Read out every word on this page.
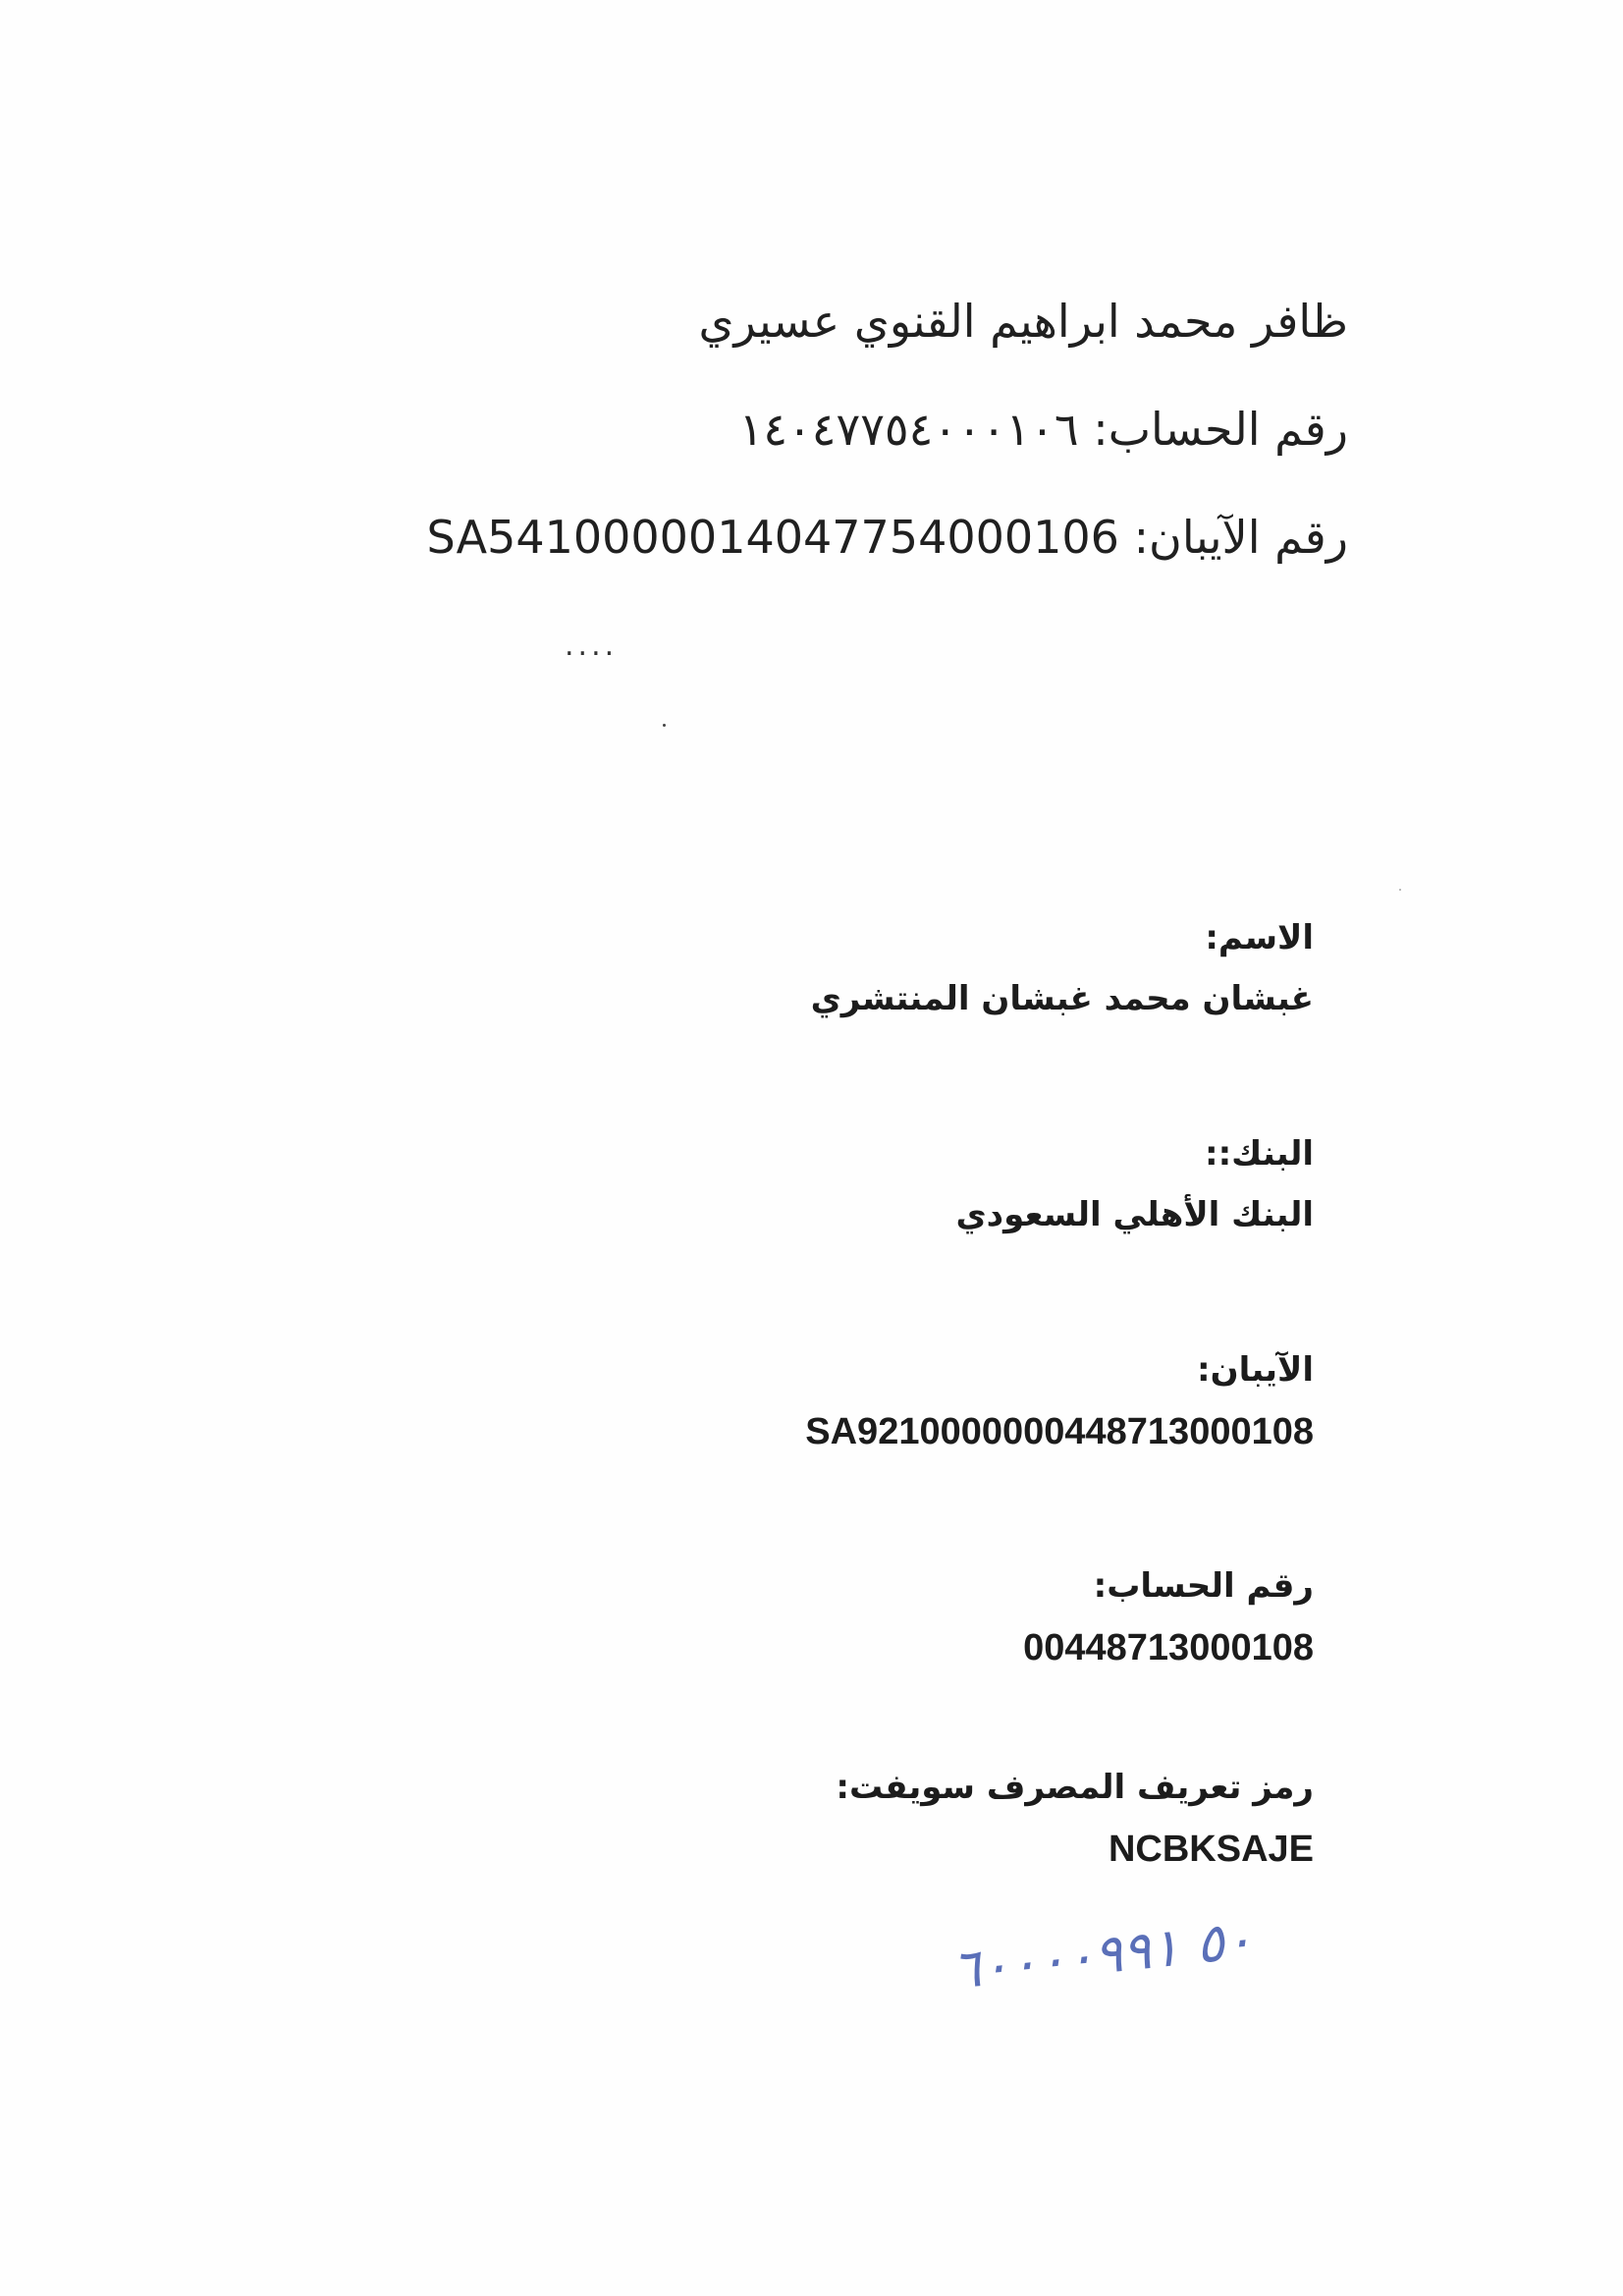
ظافر محمد ابراهيم القنوي عسيري
رقم الحساب: ١٤٠٤٧٧٥٤٠٠٠١٠٦
رقم الآيبان: SA5410000014047754000106
....
الاسم:
غبشان محمد غبشان المنتشري
البنك::
البنك الأهلي السعودي
الآيبان:
SA9210000000448713000108
رقم الحساب:
00448713000108
رمز تعريف المصرف سويفت:
NCBKSAJE
٥٠ ٦٠٠٠٠٩٩١
